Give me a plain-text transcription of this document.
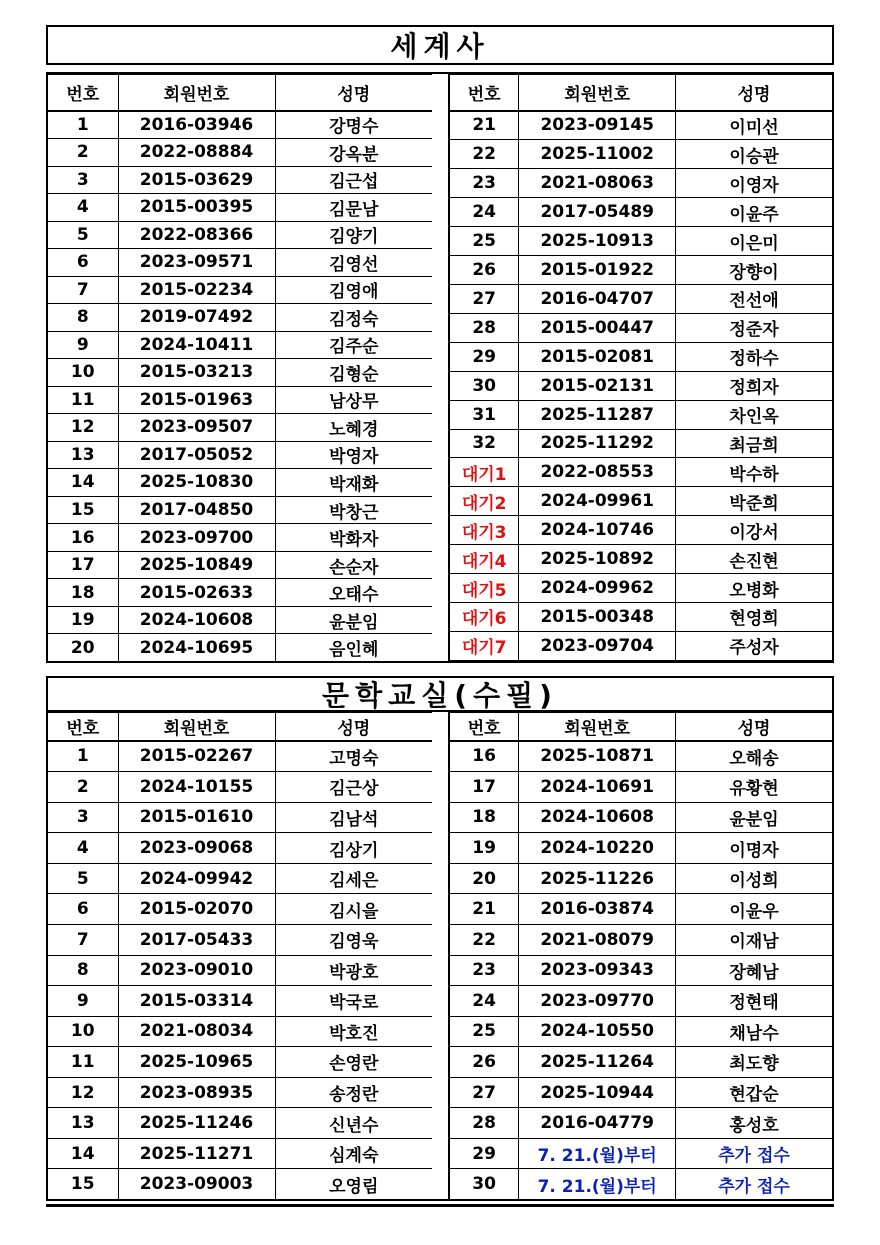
세계사
번호	회원번호	성명
1	2016-03946	강명수
2	2022-08884	강옥분
3	2015-03629	김근섭
4	2015-00395	김문남
5	2022-08366	김양기
6	2023-09571	김영선
7	2015-02234	김영애
8	2019-07492	김정숙
9	2024-10411	김주순
10	2015-03213	김형순
11	2015-01963	남상무
12	2023-09507	노혜경
13	2017-05052	박영자
14	2025-10830	박재화
15	2017-04850	박창근
16	2023-09700	박화자
17	2025-10849	손순자
18	2015-02633	오태수
19	2024-10608	윤분임
20	2024-10695	음인혜
번호	회원번호	성명
21	2023-09145	이미선
22	2025-11002	이승관
23	2021-08063	이영자
24	2017-05489	이윤주
25	2025-10913	이은미
26	2015-01922	장향이
27	2016-04707	전선애
28	2015-00447	정준자
29	2015-02081	정하수
30	2015-02131	정희자
31	2025-11287	차인옥
32	2025-11292	최금희
대기1	2022-08553	박수하
대기2	2024-09961	박준희
대기3	2024-10746	이강서
대기4	2025-10892	손진현
대기5	2024-09962	오병화
대기6	2015-00348	현영희
대기7	2023-09704	주성자

문학교실(수필)
번호	회원번호	성명
1	2015-02267	고명숙
2	2024-10155	김근상
3	2015-01610	김남석
4	2023-09068	김상기
5	2024-09942	김세은
6	2015-02070	김시을
7	2017-05433	김영욱
8	2023-09010	박광호
9	2015-03314	박국로
10	2021-08034	박호진
11	2025-10965	손영란
12	2023-08935	송정란
13	2025-11246	신년수
14	2025-11271	심계숙
15	2023-09003	오영림
번호	회원번호	성명
16	2025-10871	오해송
17	2024-10691	유황현
18	2024-10608	윤분임
19	2024-10220	이명자
20	2025-11226	이성희
21	2016-03874	이윤우
22	2021-08079	이재남
23	2023-09343	장혜남
24	2023-09770	정현태
25	2024-10550	채남수
26	2025-11264	최도향
27	2025-10944	현갑순
28	2016-04779	홍성호
29	7. 21.(월)부터	추가 접수
30	7. 21.(월)부터	추가 접수
